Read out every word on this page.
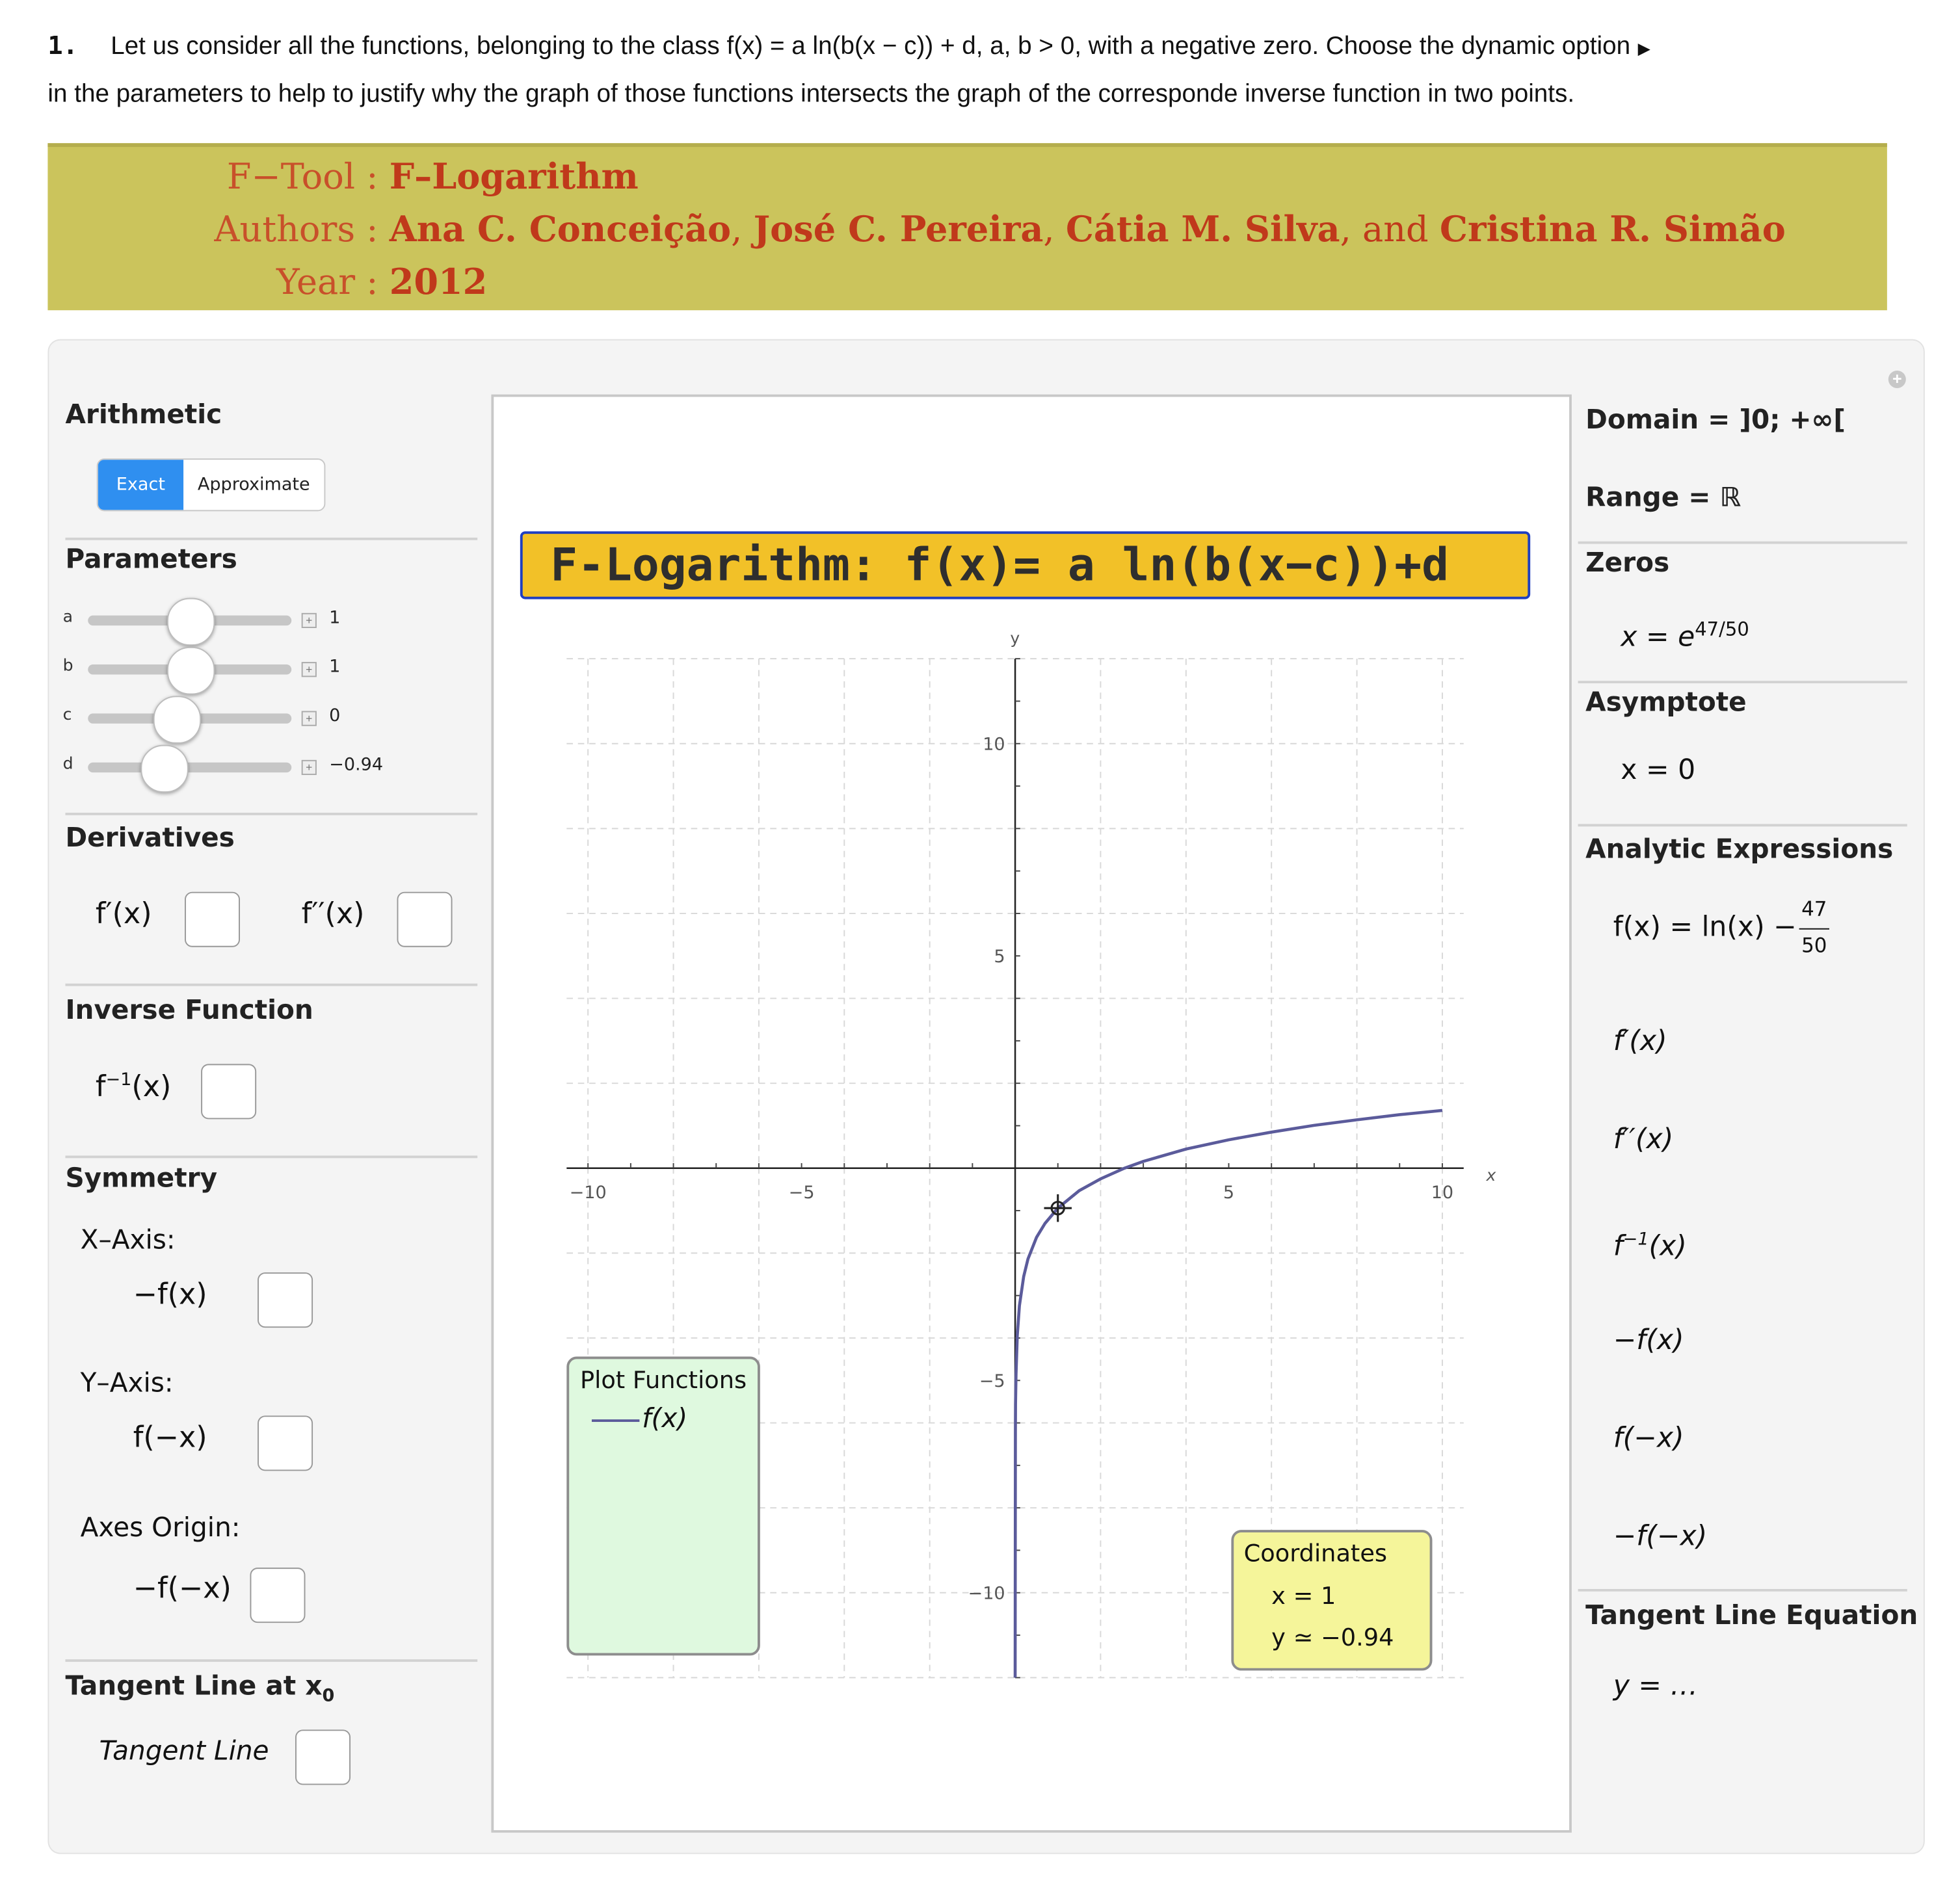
1.	Let us consider all the functions, belonging to the class f(x) = a ln(b(x − c)) + d, a, b > 0, with a negative zero. Choose the dynamic option ▶
in the parameters to help to justify why the graph of those functions intersects the graph of the corresponde inverse function in two points.
F−Tool : F–Logarithm
Authors : Ana C. Conceição, José C. Pereira, Cátia M. Silva, and Cristina R. Simão
Year : 2012
+
Arithmetic
Exact	Approximate
Parameters
a	+	1
b	+	1
c	+	0
d	+	−0.94
Derivatives
f′(x)	f′′(x)
Inverse Function
$f^{-1}(x)$
Symmetry
X–Axis:
−f(x)
Y–Axis:
f(−x)
Axes Origin:
−f(−x)
Tangent Line at $x_0$
Tangent Line
F-Logarithm: f(x)= a ln(b(x−c))+d
−10	−5	5	10
10
5
−5
−10
x
y
Plot Functions
f(x)
Coordinates
x = 1
y ≃ −0.94
Domain = ]0; +∞[
Range = ℝ
Zeros
$x = e^{47/50}$
Asymptote
x = 0
Analytic Expressions
f(x) = ln(x) −
47
50
f′(x)
f′′(x)
$f^{-1}(x)$
−f(x)
f(−x)
−f(−x)
Tangent Line Equation
y = …
